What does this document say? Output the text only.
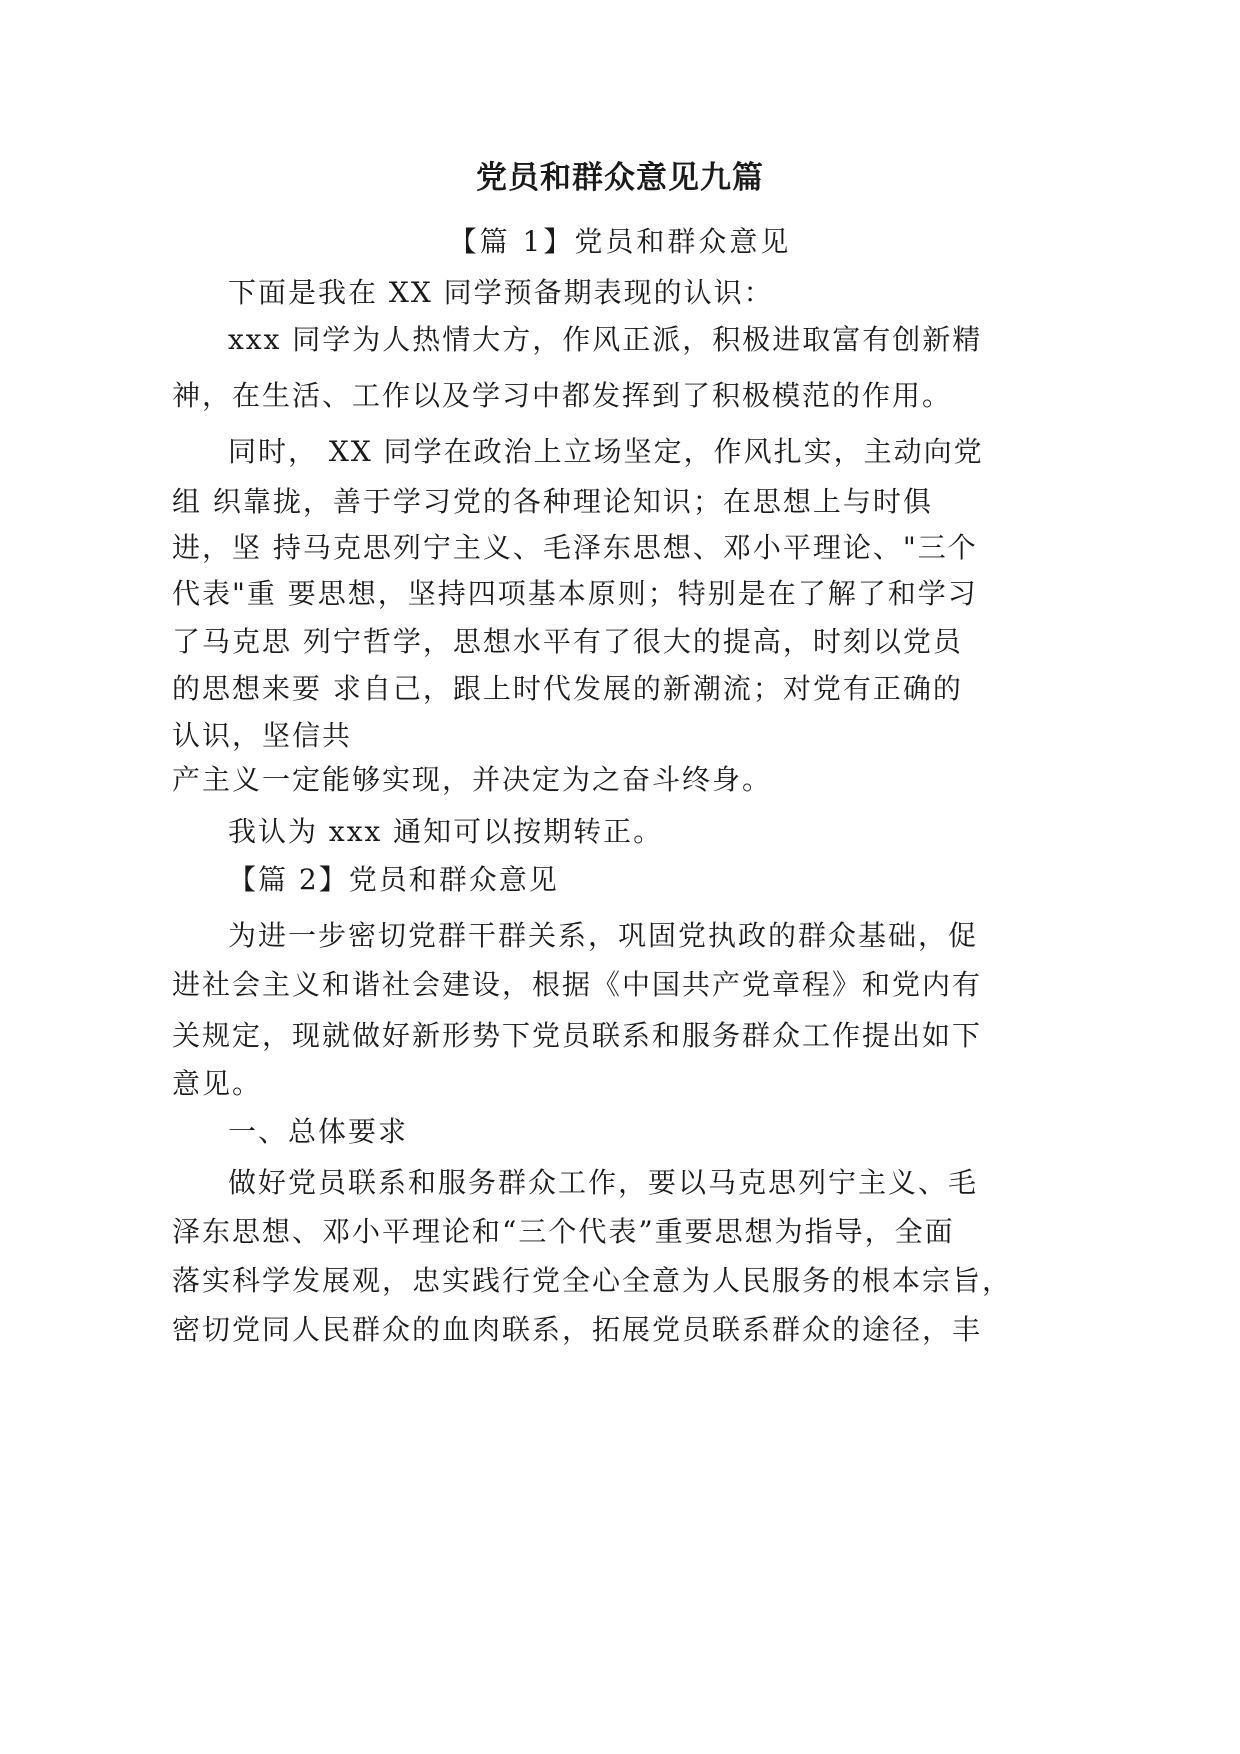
党员和群众意见九篇
【篇 1】党员和群众意见
下面是我在 XX 同学预备期表现的认识：
xxx 同学为人热情大方，作风正派，积极进取富有创新精
神，在生活、工作以及学习中都发挥到了积极模范的作用。
同时， XX 同学在政治上立场坚定，作风扎实，主动向党
组 织靠拢，善于学习党的各种理论知识；在思想上与时俱
进，坚 持马克思列宁主义、毛泽东思想、邓小平理论、"三个
代表"重 要思想，坚持四项基本原则；特别是在了解了和学习
了马克思 列宁哲学，思想水平有了很大的提高，时刻以党员
的思想来要 求自己，跟上时代发展的新潮流；对党有正确的
认识，坚信共
产主义一定能够实现，并决定为之奋斗终身。
我认为 xxx 通知可以按期转正。
【篇 2】党员和群众意见
为进一步密切党群干群关系，巩固党执政的群众基础，促
进社会主义和谐社会建设，根据《中国共产党章程》和党内有
关规定，现就做好新形势下党员联系和服务群众工作提出如下
意见。
一、总体要求
做好党员联系和服务群众工作，要以马克思列宁主义、毛
泽东思想、邓小平理论和“三个代表”重要思想为指导，全面
落实科学发展观，忠实践行党全心全意为人民服务的根本宗旨，
密切党同人民群众的血肉联系，拓展党员联系群众的途径，丰
